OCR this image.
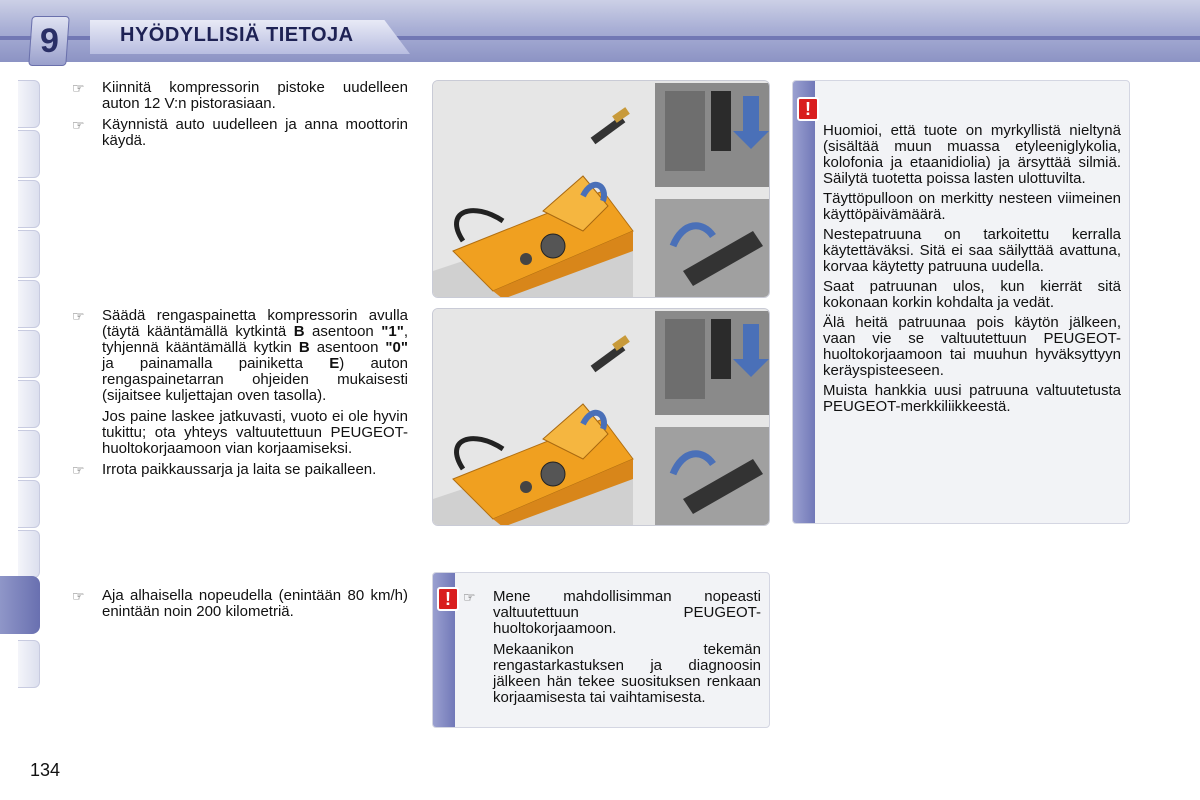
9	HYÖDYLLISIÄ TIETOJA
☞ Kiinnitä kompressorin pistoke uudelleen auton 12 V:n pistorasiaan.
☞ Käynnistä auto uudelleen ja anna moottorin käydä.
☞ Säädä rengaspainetta kompressorin avulla (täytä kääntämällä kytkintä B asentoon "1", tyhjennä kääntämällä kytkin B asentoon "0" ja painamalla painiketta E) auton rengaspainetarran ohjeiden mukaisesti (sijaitsee kuljettajan oven tasolla).
Jos paine laskee jatkuvasti, vuoto ei ole hyvin tukittu; ota yhteys valtuutettuun PEUGEOT-huoltokorjaamoon vian korjaamiseksi.
☞ Irrota paikkaussarja ja laita se paikalleen.
☞ Aja alhaisella nopeudella (enintään 80 km/h) enintään noin 200 kilometriä.
!

Huomioi, että tuote on myrkyllistä nieltynä (sisältää muun muassa etyleeniglykolia, kolofonia ja etaanidiolia) ja ärsyttää silmiä. Säilytä tuotetta poissa lasten ulottuvilta.

Täyttöpulloon on merkitty nesteen viimeinen käyttöpäivämäärä.

Nestepatruuna on tarkoitettu kerralla käytettäväksi. Sitä ei saa säilyttää avattuna, korvaa käytetty patruuna uudella.

Saat patruunan ulos, kun kierrät sitä kokonaan korkin kohdalta ja vedät.

Älä heitä patruunaa pois käytön jälkeen, vaan vie se valtuutettuun PEUGEOT-huoltokorjaamoon tai muuhun hyväksyttyyn keräyspisteeseen.

Muista hankkia uusi patruuna valtuutetusta PEUGEOT-merkkiliikkeestä.

! ☞ Mene mahdollisimman nopeasti valtuutettuun PEUGEOT-huoltokorjaamoon.
Mekaanikon tekemän rengastarkastuksen ja diagnoosin jälkeen hän tekee suosituksen renkaan korjaamisesta tai vaihtamisesta.
134
